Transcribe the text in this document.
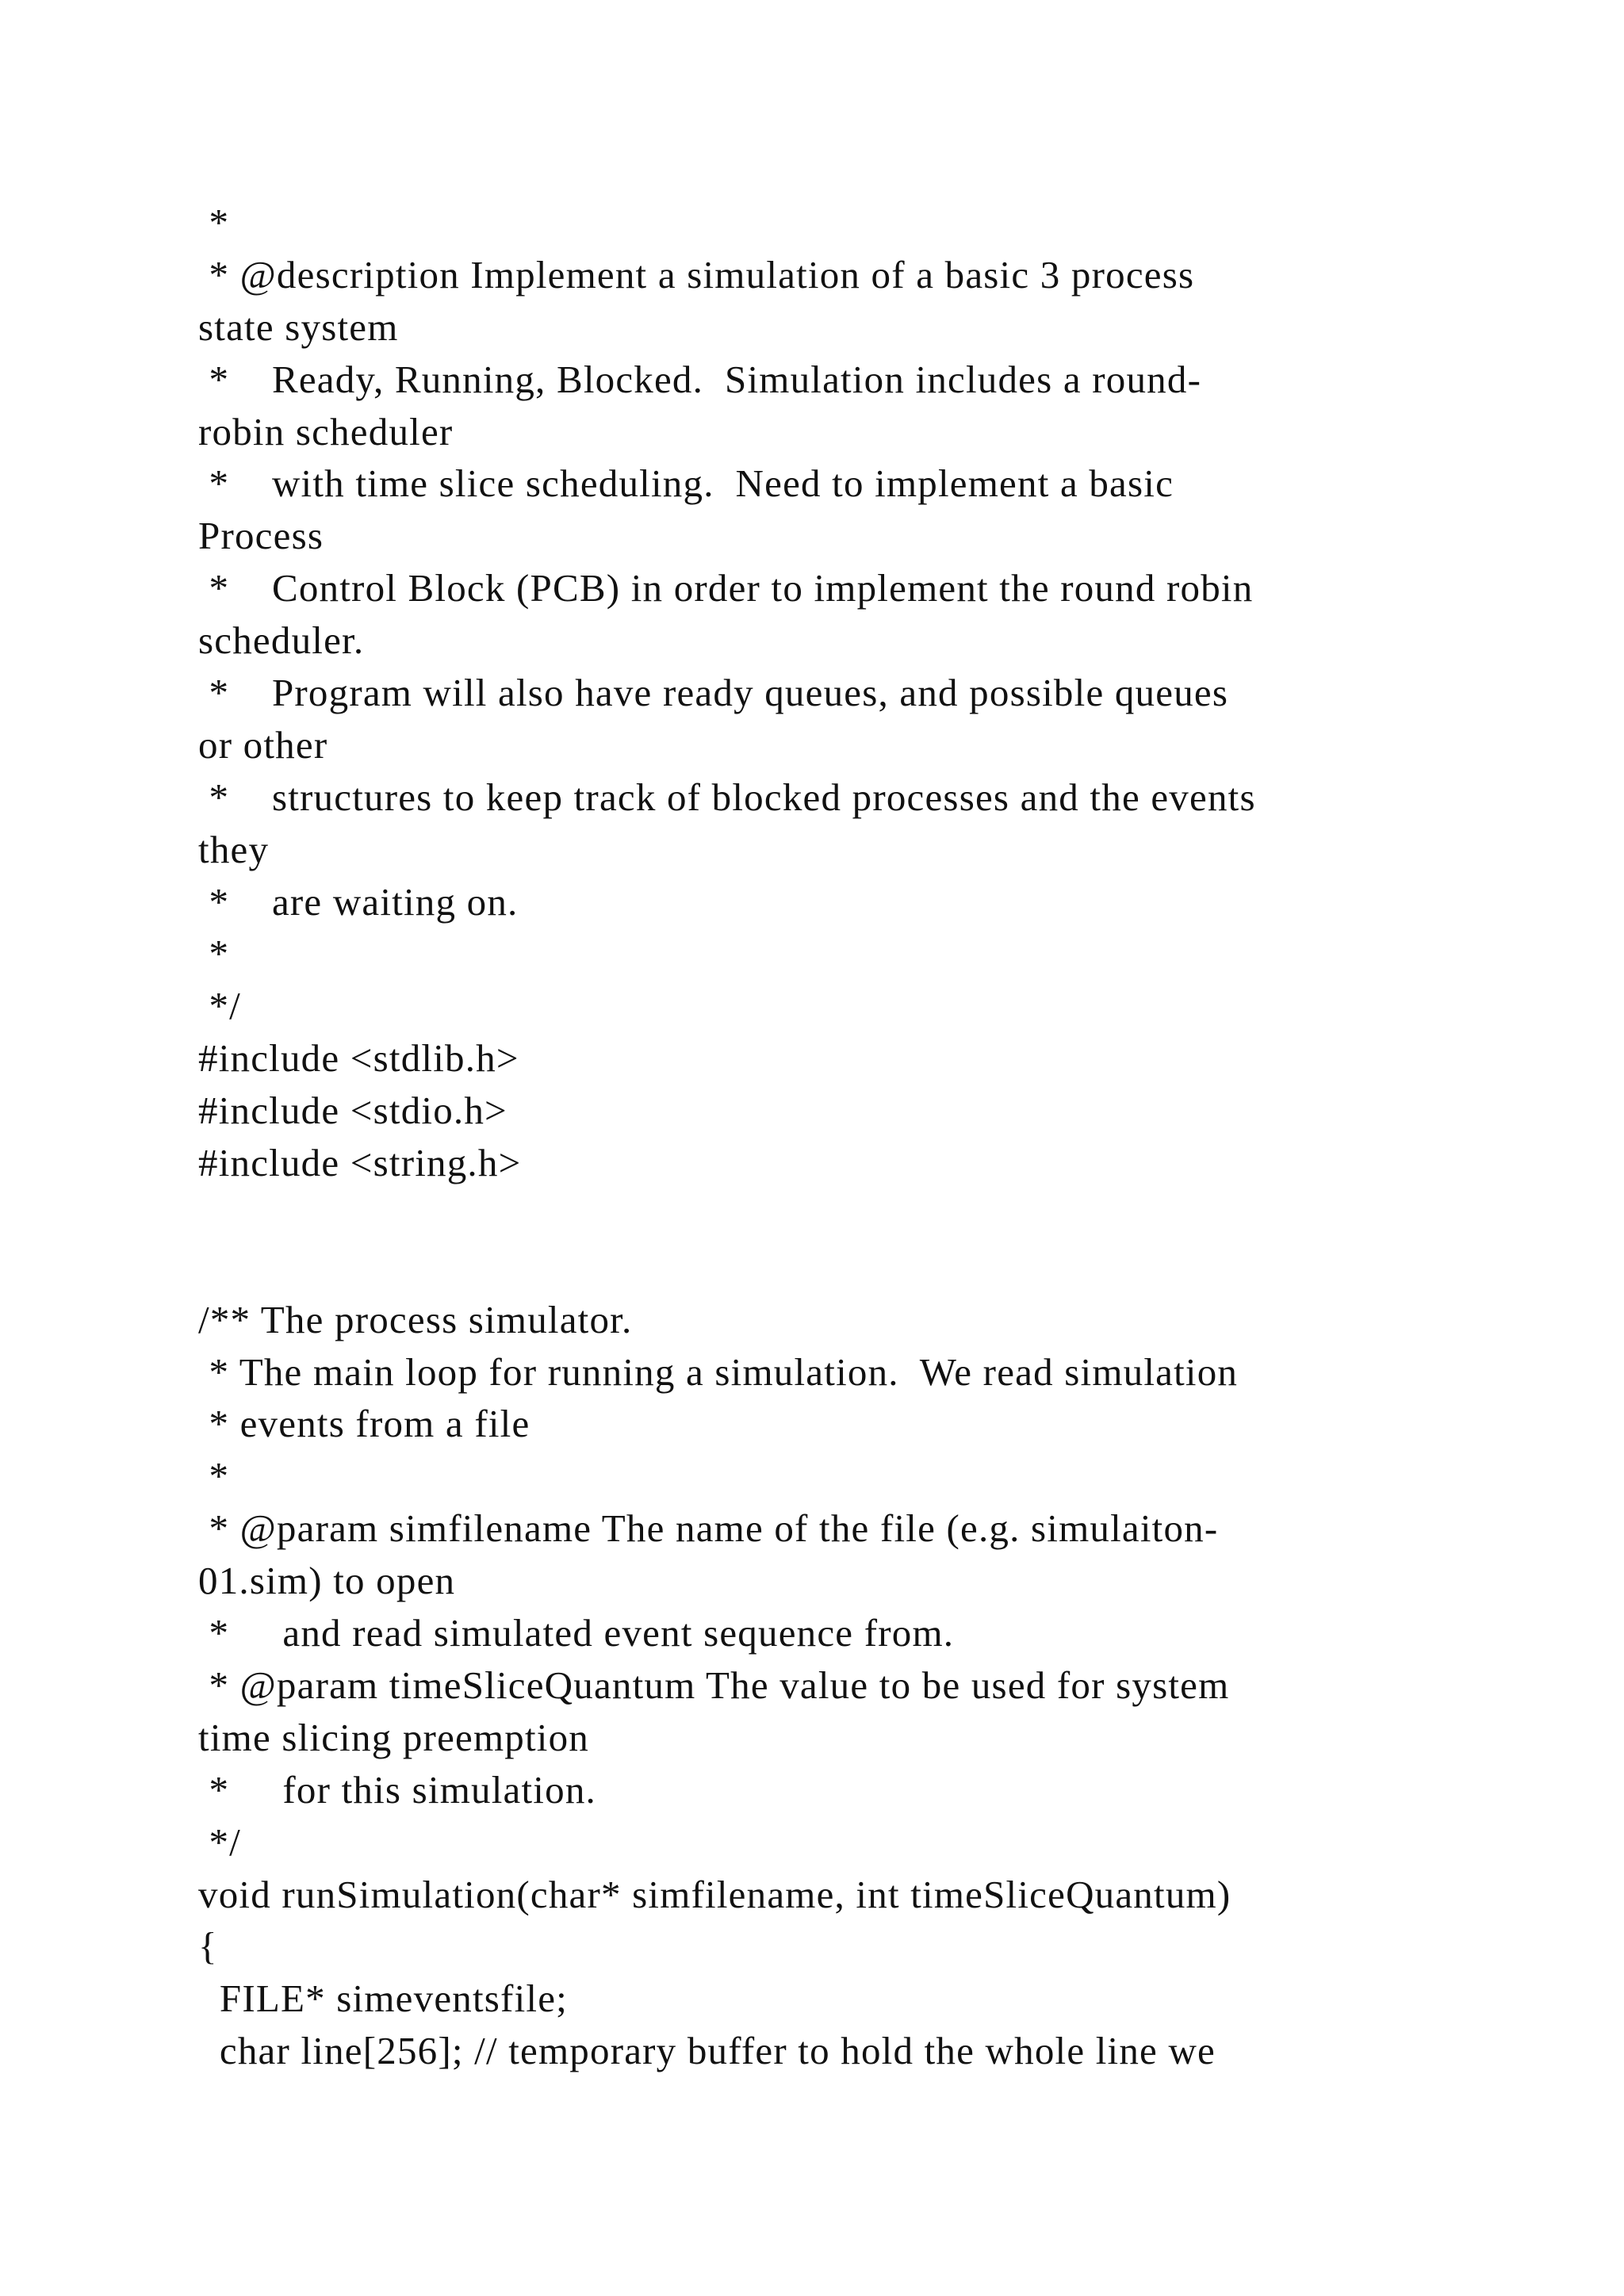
*
* @description Implement a simulation of a basic 3 process
state system
*    Ready, Running, Blocked.  Simulation includes a round-
robin scheduler
*    with time slice scheduling.  Need to implement a basic
Process
*    Control Block (PCB) in order to implement the round robin
scheduler.
*    Program will also have ready queues, and possible queues
or other
*    structures to keep track of blocked processes and the events
they
*    are waiting on.
*
*/
#include <stdlib.h>
#include <stdio.h>
#include <string.h>
/** The process simulator.
* The main loop for running a simulation.  We read simulation
* events from a file
*
* @param simfilename The name of the file (e.g. simulaiton-
01.sim) to open
*     and read simulated event sequence from.
* @param timeSliceQuantum The value to be used for system
time slicing preemption
*     for this simulation.
*/
void runSimulation(char* simfilename, int timeSliceQuantum)
{
FILE* simeventsfile;
char line[256]; // temporary buffer to hold the whole line we
